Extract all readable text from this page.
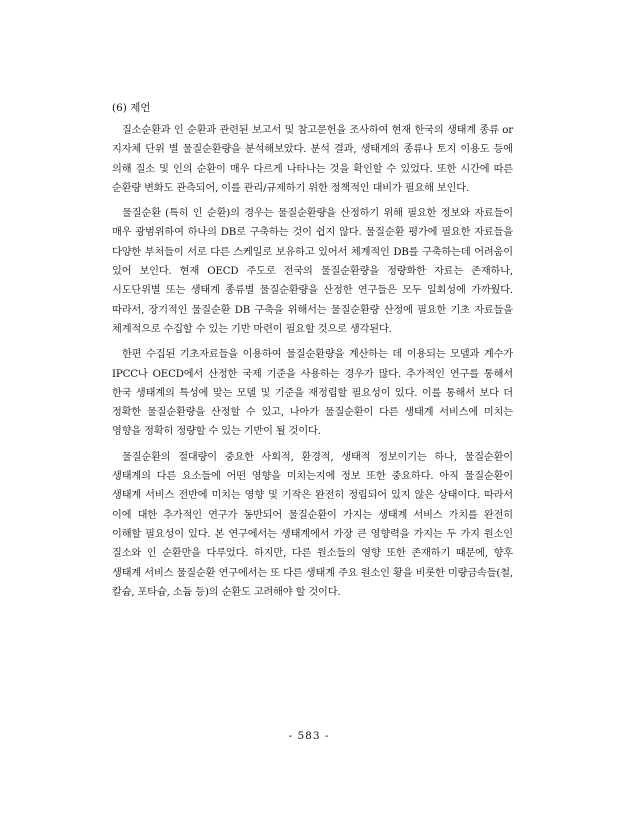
(6) 제언

질소순환과 인 순환과 관련된 보고서 및 참고문헌을 조사하여 현재 한국의 생태계 종류 or 지자체 단위 별 물질순환량을 분석해보았다. 분석 결과, 생태계의 종류나 토지 이용도 등에 의해 질소 및 인의 순환이 매우 다르게 나타나는 것을 확인할 수 있었다. 또한 시간에 따른 순환량 변화도 관측되어, 이를 관리/규제하기 위한 정책적인 대비가 필요해 보인다.

물질순환 (특히 인 순환)의 경우는 물질순환량을 산정하기 위해 필요한 정보와 자료들이 매우 광범위하여 하나의 DB로 구축하는 것이 쉽지 않다. 물질순환 평가에 필요한 자료들을 다양한 부처들이 서로 다른 스케일로 보유하고 있어서 체계적인 DB를 구축하는데 어려움이 있어 보인다. 현재 OECD 주도로 전국의 물질순환량을 정량화한 자료는 존재하나, 시도단위별 또는 생태계 종류별 물질순환량을 산정한 연구들은 모두 일회성에 가까웠다. 따라서, 장기적인 물질순환 DB 구축을 위해서는 물질순환량 산정에 필요한 기초 자료들을 체계적으로 수집할 수 있는 기반 마련이 필요할 것으로 생각된다.

한편 수집된 기초자료들을 이용하여 물질순환량을 계산하는 데 이용되는 모델과 계수가 IPCC나 OECD에서 산정한 국제 기준을 사용하는 경우가 많다. 추가적인 연구를 통해서 한국 생태계의 특성에 맞는 모델 및 기준을 재정립할 필요성이 있다. 이를 통해서 보다 더 정확한 물질순환량을 산정할 수 있고, 나아가 물질순환이 다른 생태계 서비스에 미치는 영향을 정확히 정량할 수 있는 기반이 될 것이다.

물질순환의 절대량이 중요한 사회적, 환경적, 생태적 정보이기는 하나, 물질순환이 생태계의 다른 요소들에 어떤 영향을 미치는지에 정보 또한 중요하다. 아직 물질순환이 생태계 서비스 전반에 미치는 영향 및 기작은 완전히 정립되어 있지 않은 상태이다. 따라서 이에 대한 추가적인 연구가 동반되어 물질순환이 가지는 생태계 서비스 가치를 완전히 이해할 필요성이 있다. 본 연구에서는 생태계에서 가장 큰 영향력을 가지는 두 가지 원소인 질소와 인 순환만을 다루었다. 하지만, 다른 원소들의 영향 또한 존재하기 때문에, 향후 생태계 서비스 물질순환 연구에서는 또 다른 생태계 주요 원소인 황을 비롯한 미량금속들(철, 칼슘, 포타슘, 소듐 등)의 순환도 고려해야 할 것이다.

- 583 -
